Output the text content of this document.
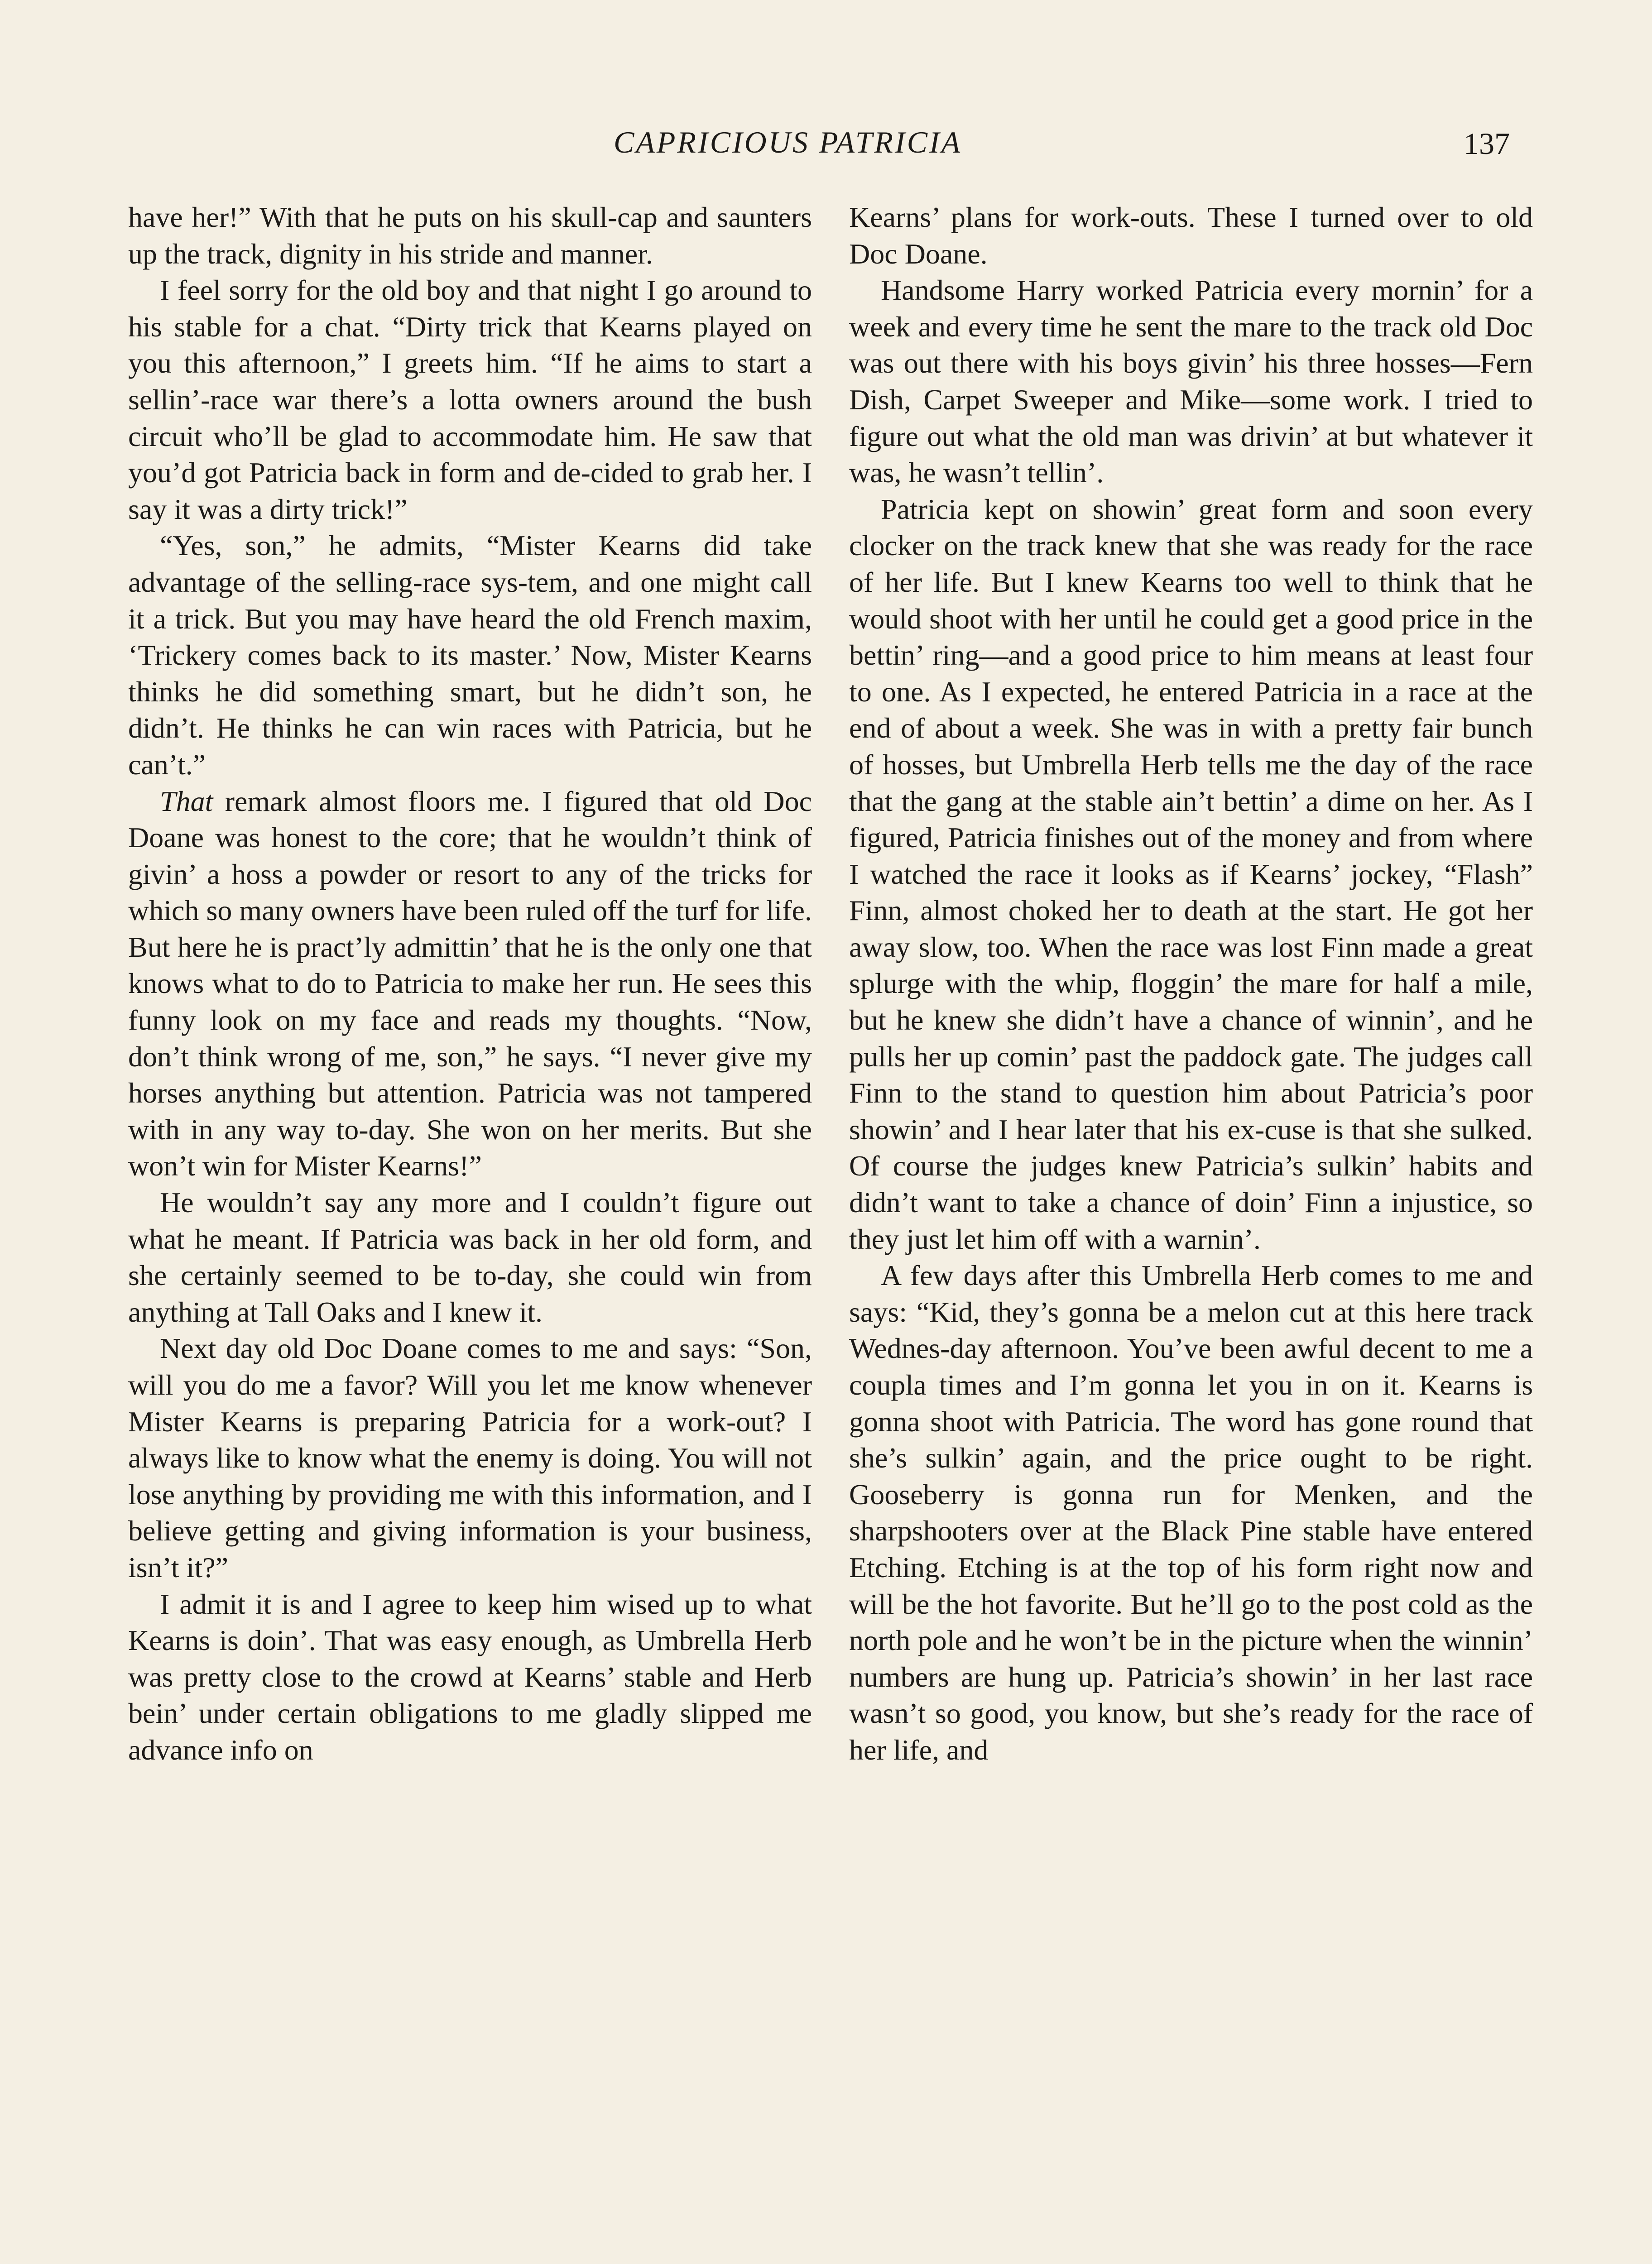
CAPRICIOUS PATRICIA	137

have her!” With that he puts on his skull-cap and saunters up the track, dignity in his stride and manner.

I feel sorry for the old boy and that night I go around to his stable for a chat. “Dirty trick that Kearns played on you this afternoon,” I greets him. “If he aims to start a sellin’-race war there’s a lotta owners around the bush circuit who’ll be glad to accommodate him. He saw that you’d got Patricia back in form and de-cided to grab her. I say it was a dirty trick!”

“Yes, son,” he admits, “Mister Kearns did take advantage of the selling-race sys-tem, and one might call it a trick. But you may have heard the old French maxim, ‘Trickery comes back to its master.’ Now, Mister Kearns thinks he did something smart, but he didn’t son, he didn’t. He thinks he can win races with Patricia, but he can’t.”

That remark almost floors me. I figured that old Doc Doane was honest to the core; that he wouldn’t think of givin’ a hoss a powder or resort to any of the tricks for which so many owners have been ruled off the turf for life. But here he is pract’ly admittin’ that he is the only one that knows what to do to Patricia to make her run. He sees this funny look on my face and reads my thoughts. “Now, don’t think wrong of me, son,” he says. “I never give my horses anything but attention. Patricia was not tampered with in any way to-day. She won on her merits. But she won’t win for Mister Kearns!”

He wouldn’t say any more and I couldn’t figure out what he meant. If Patricia was back in her old form, and she certainly seemed to be to-day, she could win from anything at Tall Oaks and I knew it.

Next day old Doc Doane comes to me and says: “Son, will you do me a favor? Will you let me know whenever Mister Kearns is preparing Patricia for a work-out? I always like to know what the enemy is doing. You will not lose anything by providing me with this information, and I believe getting and giving information is your business, isn’t it?”

I admit it is and I agree to keep him wised up to what Kearns is doin’. That was easy enough, as Umbrella Herb was pretty close to the crowd at Kearns’ stable and Herb bein’ under certain obligations to me gladly slipped me advance info on

Kearns’ plans for work-outs. These I turned over to old Doc Doane.

Handsome Harry worked Patricia every mornin’ for a week and every time he sent the mare to the track old Doc was out there with his boys givin’ his three hosses—Fern Dish, Carpet Sweeper and Mike—some work. I tried to figure out what the old man was drivin’ at but whatever it was, he wasn’t tellin’.

Patricia kept on showin’ great form and soon every clocker on the track knew that she was ready for the race of her life. But I knew Kearns too well to think that he would shoot with her until he could get a good price in the bettin’ ring—and a good price to him means at least four to one. As I expected, he entered Patricia in a race at the end of about a week. She was in with a pretty fair bunch of hosses, but Umbrella Herb tells me the day of the race that the gang at the stable ain’t bettin’ a dime on her. As I figured, Patricia finishes out of the money and from where I watched the race it looks as if Kearns’ jockey, “Flash” Finn, almost choked her to death at the start. He got her away slow, too. When the race was lost Finn made a great splurge with the whip, floggin’ the mare for half a mile, but he knew she didn’t have a chance of winnin’, and he pulls her up comin’ past the paddock gate. The judges call Finn to the stand to question him about Patricia’s poor showin’ and I hear later that his ex-cuse is that she sulked. Of course the judges knew Patricia’s sulkin’ habits and didn’t want to take a chance of doin’ Finn a injustice, so they just let him off with a warnin’.

A few days after this Umbrella Herb comes to me and says: “Kid, they’s gonna be a melon cut at this here track Wednes-day afternoon. You’ve been awful decent to me a coupla times and I’m gonna let you in on it. Kearns is gonna shoot with Patricia. The word has gone round that she’s sulkin’ again, and the price ought to be right. Gooseberry is gonna run for Menken, and the sharpshooters over at the Black Pine stable have entered Etching. Etching is at the top of his form right now and will be the hot favorite. But he’ll go to the post cold as the north pole and he won’t be in the picture when the winnin’ numbers are hung up. Patricia’s showin’ in her last race wasn’t so good, you know, but she’s ready for the race of her life, and
